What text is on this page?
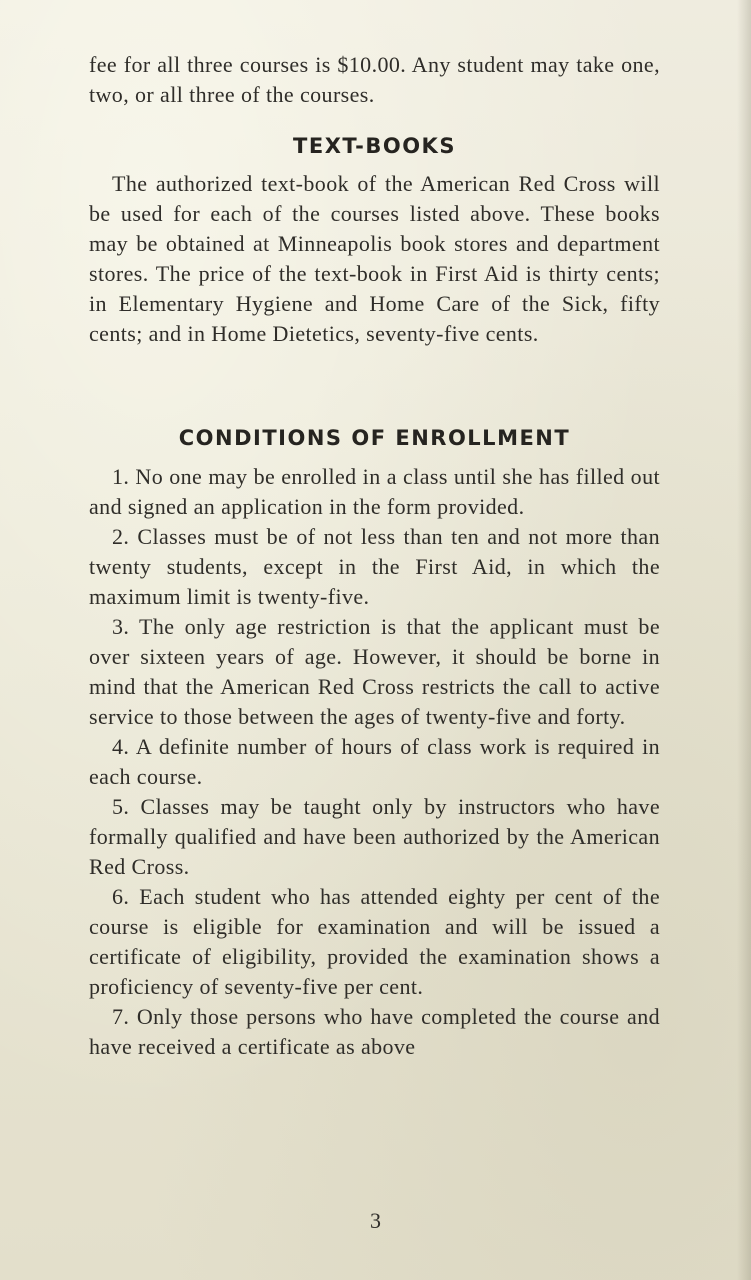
fee for all three courses is $10.00. Any student may take one, two, or all three of the courses.

TEXT-BOOKS

The authorized text-book of the American Red Cross will be used for each of the courses listed above. These books may be obtained at Minneapolis book stores and department stores. The price of the text-book in First Aid is thirty cents; in Elementary Hygiene and Home Care of the Sick, fifty cents; and in Home Dietetics, seventy-five cents.

CONDITIONS OF ENROLLMENT

1. No one may be enrolled in a class until she has filled out and signed an application in the form provided.

2. Classes must be of not less than ten and not more than twenty students, except in the First Aid, in which the maximum limit is twenty-five.

3. The only age restriction is that the applicant must be over sixteen years of age. However, it should be borne in mind that the American Red Cross restricts the call to active service to those between the ages of twenty-five and forty.

4. A definite number of hours of class work is required in each course.

5. Classes may be taught only by instructors who have formally qualified and have been authorized by the American Red Cross.

6. Each student who has attended eighty per cent of the course is eligible for examination and will be issued a certificate of eligibility, provided the examination shows a proficiency of seventy-five per cent.

7. Only those persons who have completed the course and have received a certificate as above

3
